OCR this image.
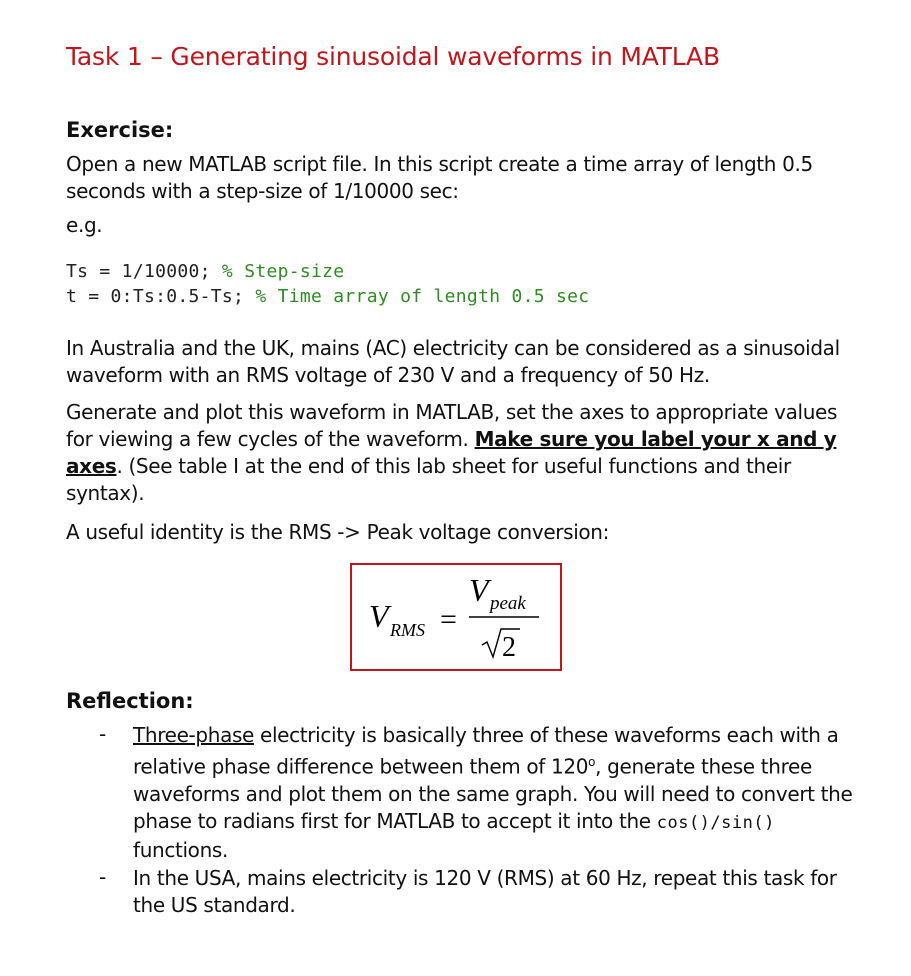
Task 1 – Generating sinusoidal waveforms in MATLAB
Exercise:
Open a new MATLAB script file. In this script create a time array of length 0.5 seconds with a step-size of 1/10000 sec:
e.g.
Ts = 1/10000; % Step-size
t = 0:Ts:0.5-Ts; % Time array of length 0.5 sec
In Australia and the UK, mains (AC) electricity can be considered as a sinusoidal waveform with an RMS voltage of 230 V and a frequency of 50 Hz.
Generate and plot this waveform in MATLAB, set the axes to appropriate values for viewing a few cycles of the waveform. Make sure you label your x and y axes. (See table I at the end of this lab sheet for useful functions and their syntax).
A useful identity is the RMS -> Peak voltage conversion:
V RMS =
V peak
2
Reflection:
- Three-phase electricity is basically three of these waveforms each with a relative phase difference between them of 120$^o$, generate these three waveforms and plot them on the same graph. You will need to convert the phase to radians first for MATLAB to accept it into the cos()/sin() functions.
- In the USA, mains electricity is 120 V (RMS) at 60 Hz, repeat this task for the US standard.
